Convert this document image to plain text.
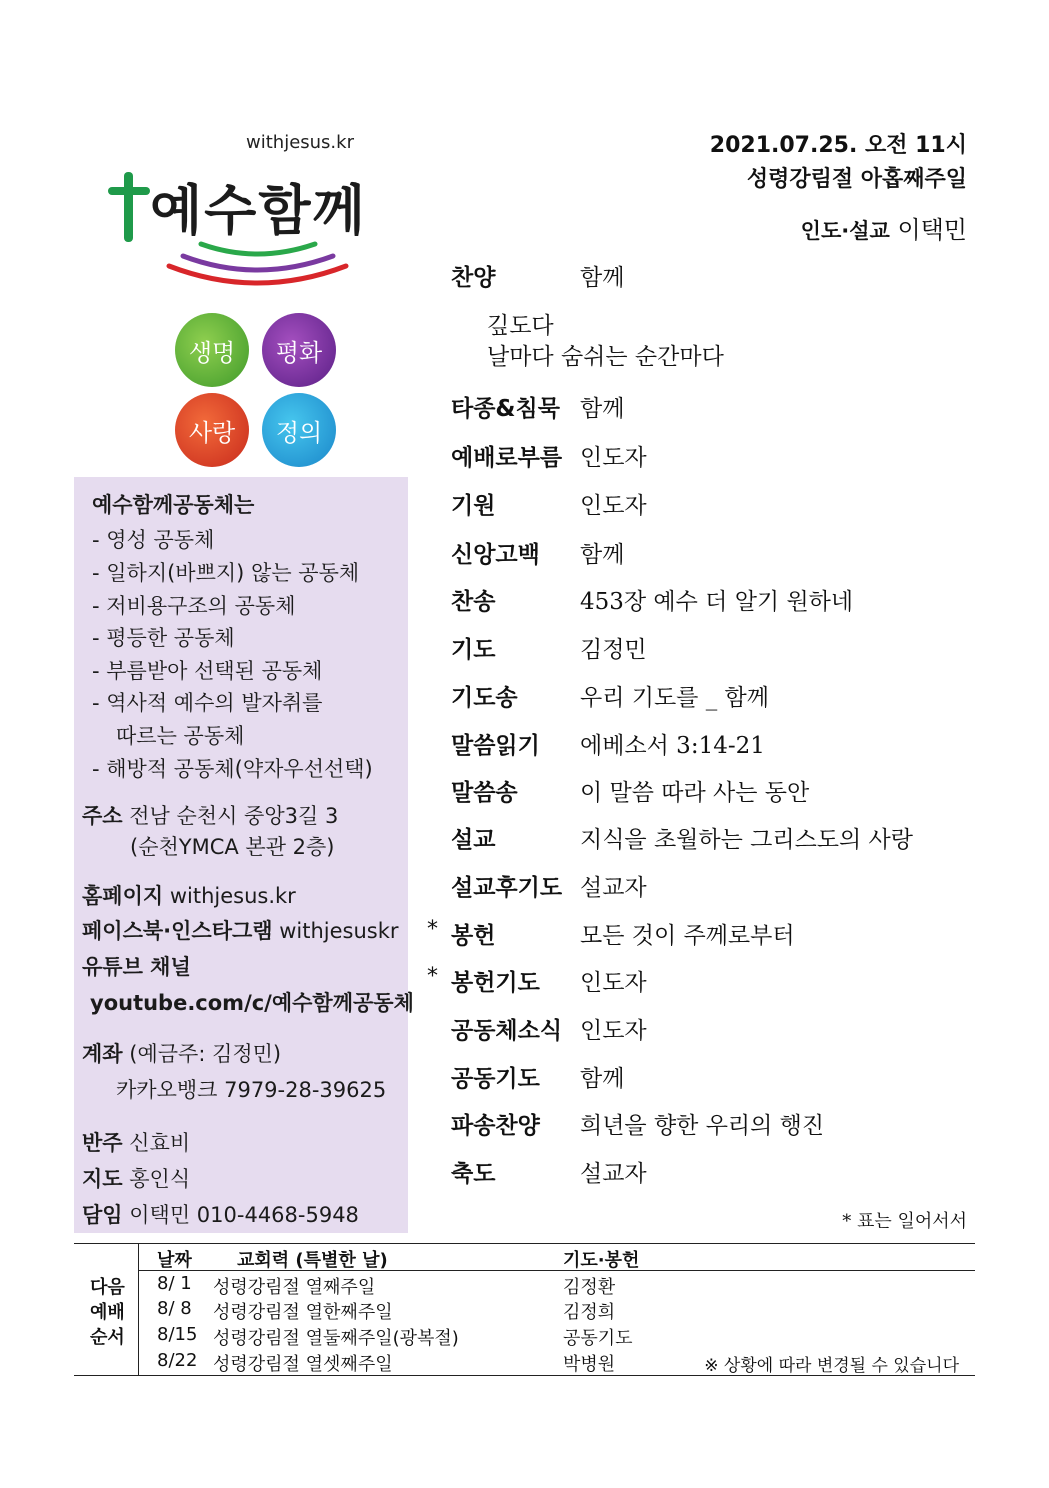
withjesus.kr
예수함께
생명	평화
사랑	정의
예수함께공동체는
- 영성 공동체
- 일하지(바쁘지) 않는 공동체
- 저비용구조의 공동체
- 평등한 공동체
- 부름받아 선택된 공동체
- 역사적 예수의 발자취를
따르는 공동체
- 해방적 공동체(약자우선선택)
주소 전남 순천시 중앙3길 3
(순천YMCA 본관 2층)
홈페이지 withjesus.kr
페이스북·인스타그램 withjesuskr
유튜브 채널
youtube.com/c/예수함께공동체
계좌 (예금주: 김정민)
카카오뱅크 7979-28-39625
반주 신효비
지도 홍인식
담임 이택민 010-4468-5948
2021.07.25. 오전 11시
성령강림절 아홉째주일
인도·설교 이택민
찬양	함께
깊도다
날마다 숨쉬는 순간마다
타종&침묵 함께
예배로부름 인도자
기원	인도자
신앙고백 함께
찬송	453장 예수 더 알기 원하네
기도	김정민
기도송	우리 기도를 _ 함께
말씀읽기 에베소서 3:14-21
말씀송	이 말씀 따라 사는 동안
설교	지식을 초월하는 그리스도의 사랑
설교후기도 설교자
* 봉헌	모든 것이 주께로부터
* 봉헌기도 인도자
공동체소식 인도자
공동기도 함께
파송찬양 희년을 향한 우리의 행진
축도	설교자
* 표는 일어서서
다음
예배
순서
날짜	교회력 (특별한 날)	기도·봉헌
8/ 1 성령강림절 열째주일	김정환
8/ 8 성령강림절 열한째주일	김정희
8/15 성령강림절 열둘째주일(광복절)	공동기도
8/22 성령강림절 열셋째주일	박병원	※ 상황에 따라 변경될 수 있습니다
